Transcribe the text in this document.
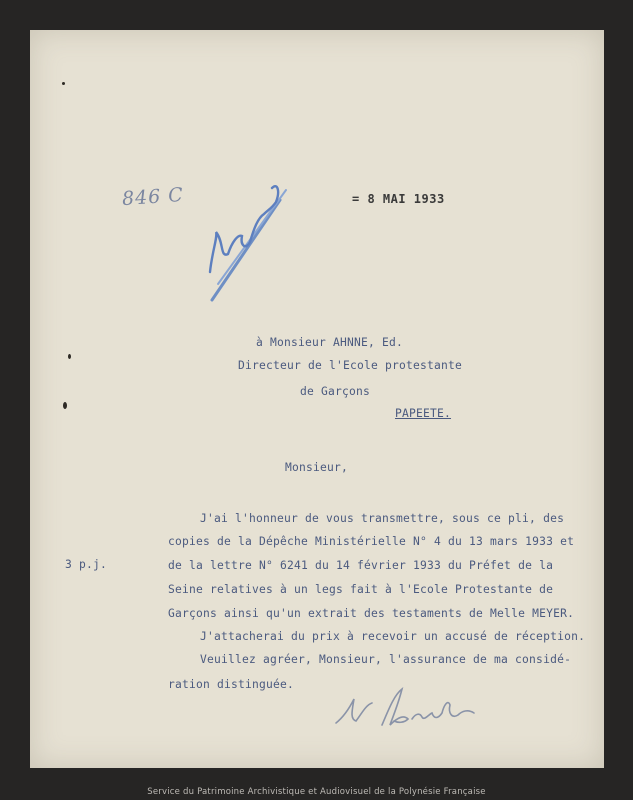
846 C	= 8 MAI 1933
à Monsieur AHNNE, Ed.
Directeur de l'Ecole protestante
de Garçons
PAPEETE.
Monsieur,
3 p.j.
J'ai l'honneur de vous transmettre, sous ce pli, des
copies de la Dépêche Ministérielle N° 4 du 13 mars 1933 et
de la lettre N° 6241 du 14 février 1933 du Préfet de la
Seine relatives à un legs fait à l'Ecole Protestante de
Garçons ainsi qu'un extrait des testaments de Melle MEYER.
J'attacherai du prix à recevoir un accusé de réception.
Veuillez agréer, Monsieur, l'assurance de ma considé-
ration distinguée.
Service du Patrimoine Archivistique et Audiovisuel de la Polynésie Française
